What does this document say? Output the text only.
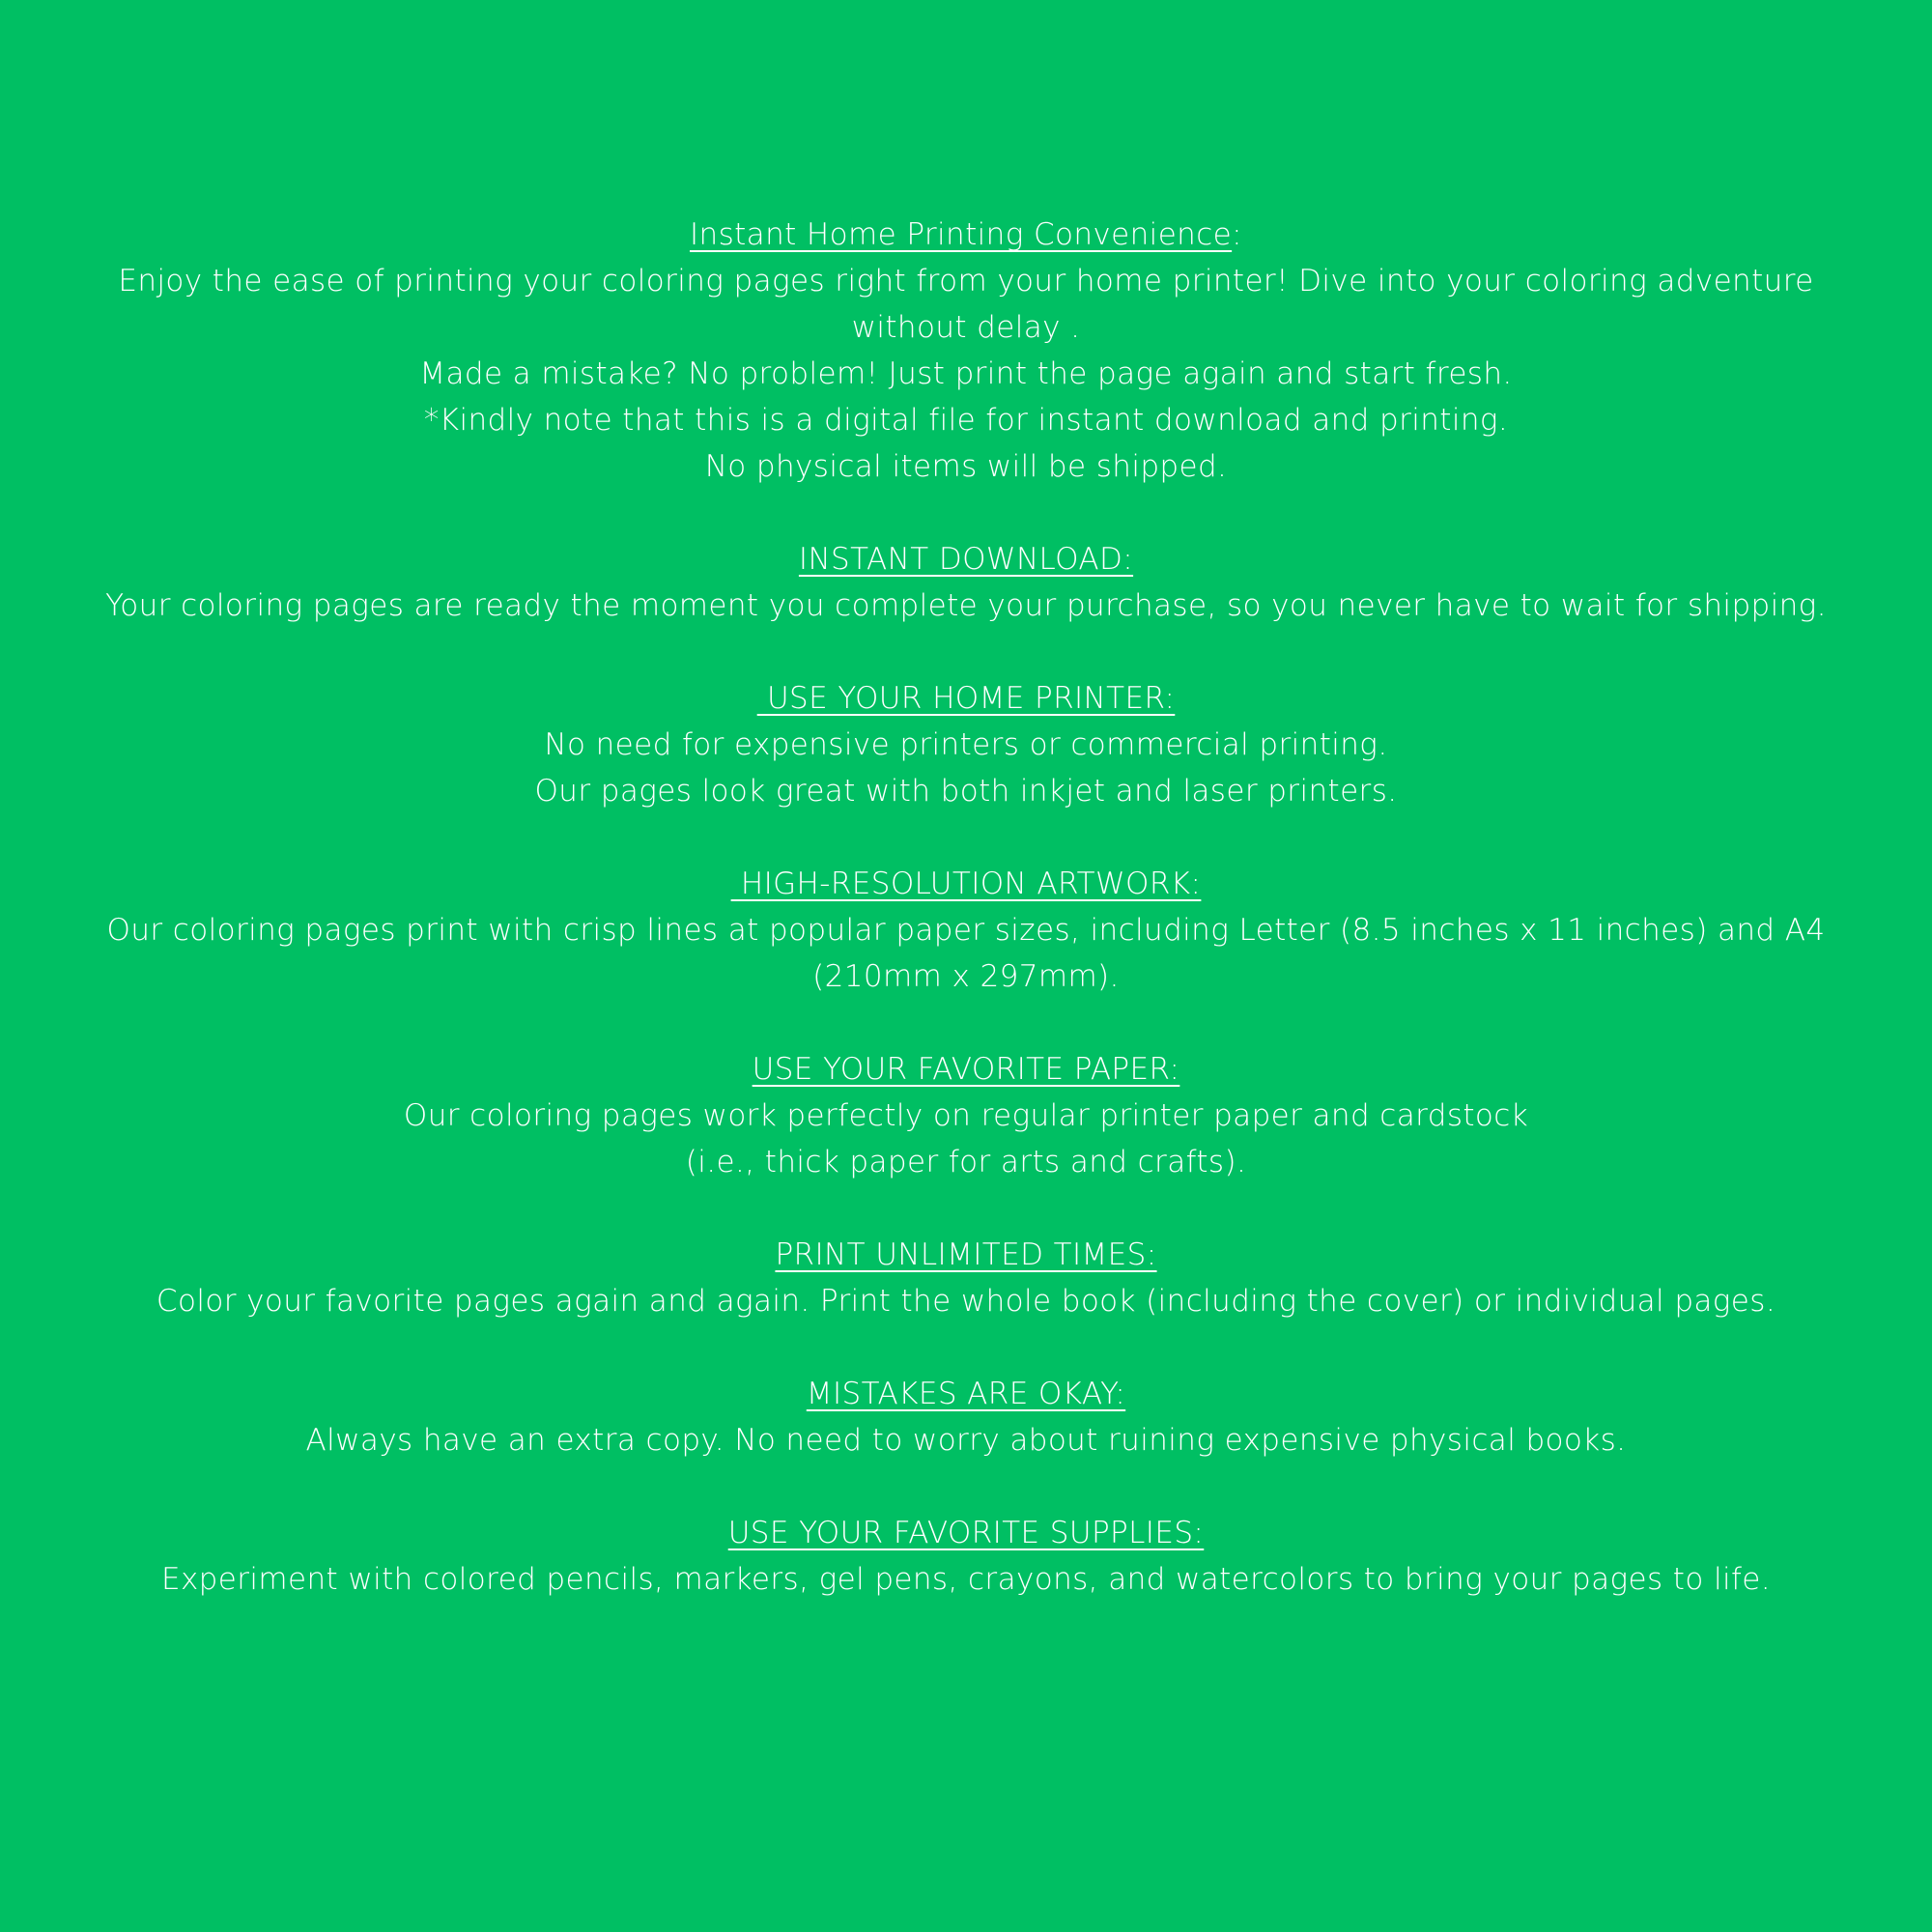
Instant Home Printing Convenience:
Enjoy the ease of printing your coloring pages right from your home printer! Dive into your coloring adventure
without delay .
Made a mistake? No problem! Just print the page again and start fresh.
*Kindly note that this is a digital file for instant download and printing.
No physical items will be shipped.
INSTANT DOWNLOAD:
Your coloring pages are ready the moment you complete your purchase, so you never have to wait for shipping.
USE YOUR HOME PRINTER:
No need for expensive printers or commercial printing.
Our pages look great with both inkjet and laser printers.
HIGH-RESOLUTION ARTWORK:
Our coloring pages print with crisp lines at popular paper sizes, including Letter (8.5 inches x 11 inches) and A4
(210mm x 297mm).
USE YOUR FAVORITE PAPER:
Our coloring pages work perfectly on regular printer paper and cardstock
(i.e., thick paper for arts and crafts).
PRINT UNLIMITED TIMES:
Color your favorite pages again and again. Print the whole book (including the cover) or individual pages.
MISTAKES ARE OKAY:
Always have an extra copy. No need to worry about ruining expensive physical books.
USE YOUR FAVORITE SUPPLIES:
Experiment with colored pencils, markers, gel pens, crayons, and watercolors to bring your pages to life.
